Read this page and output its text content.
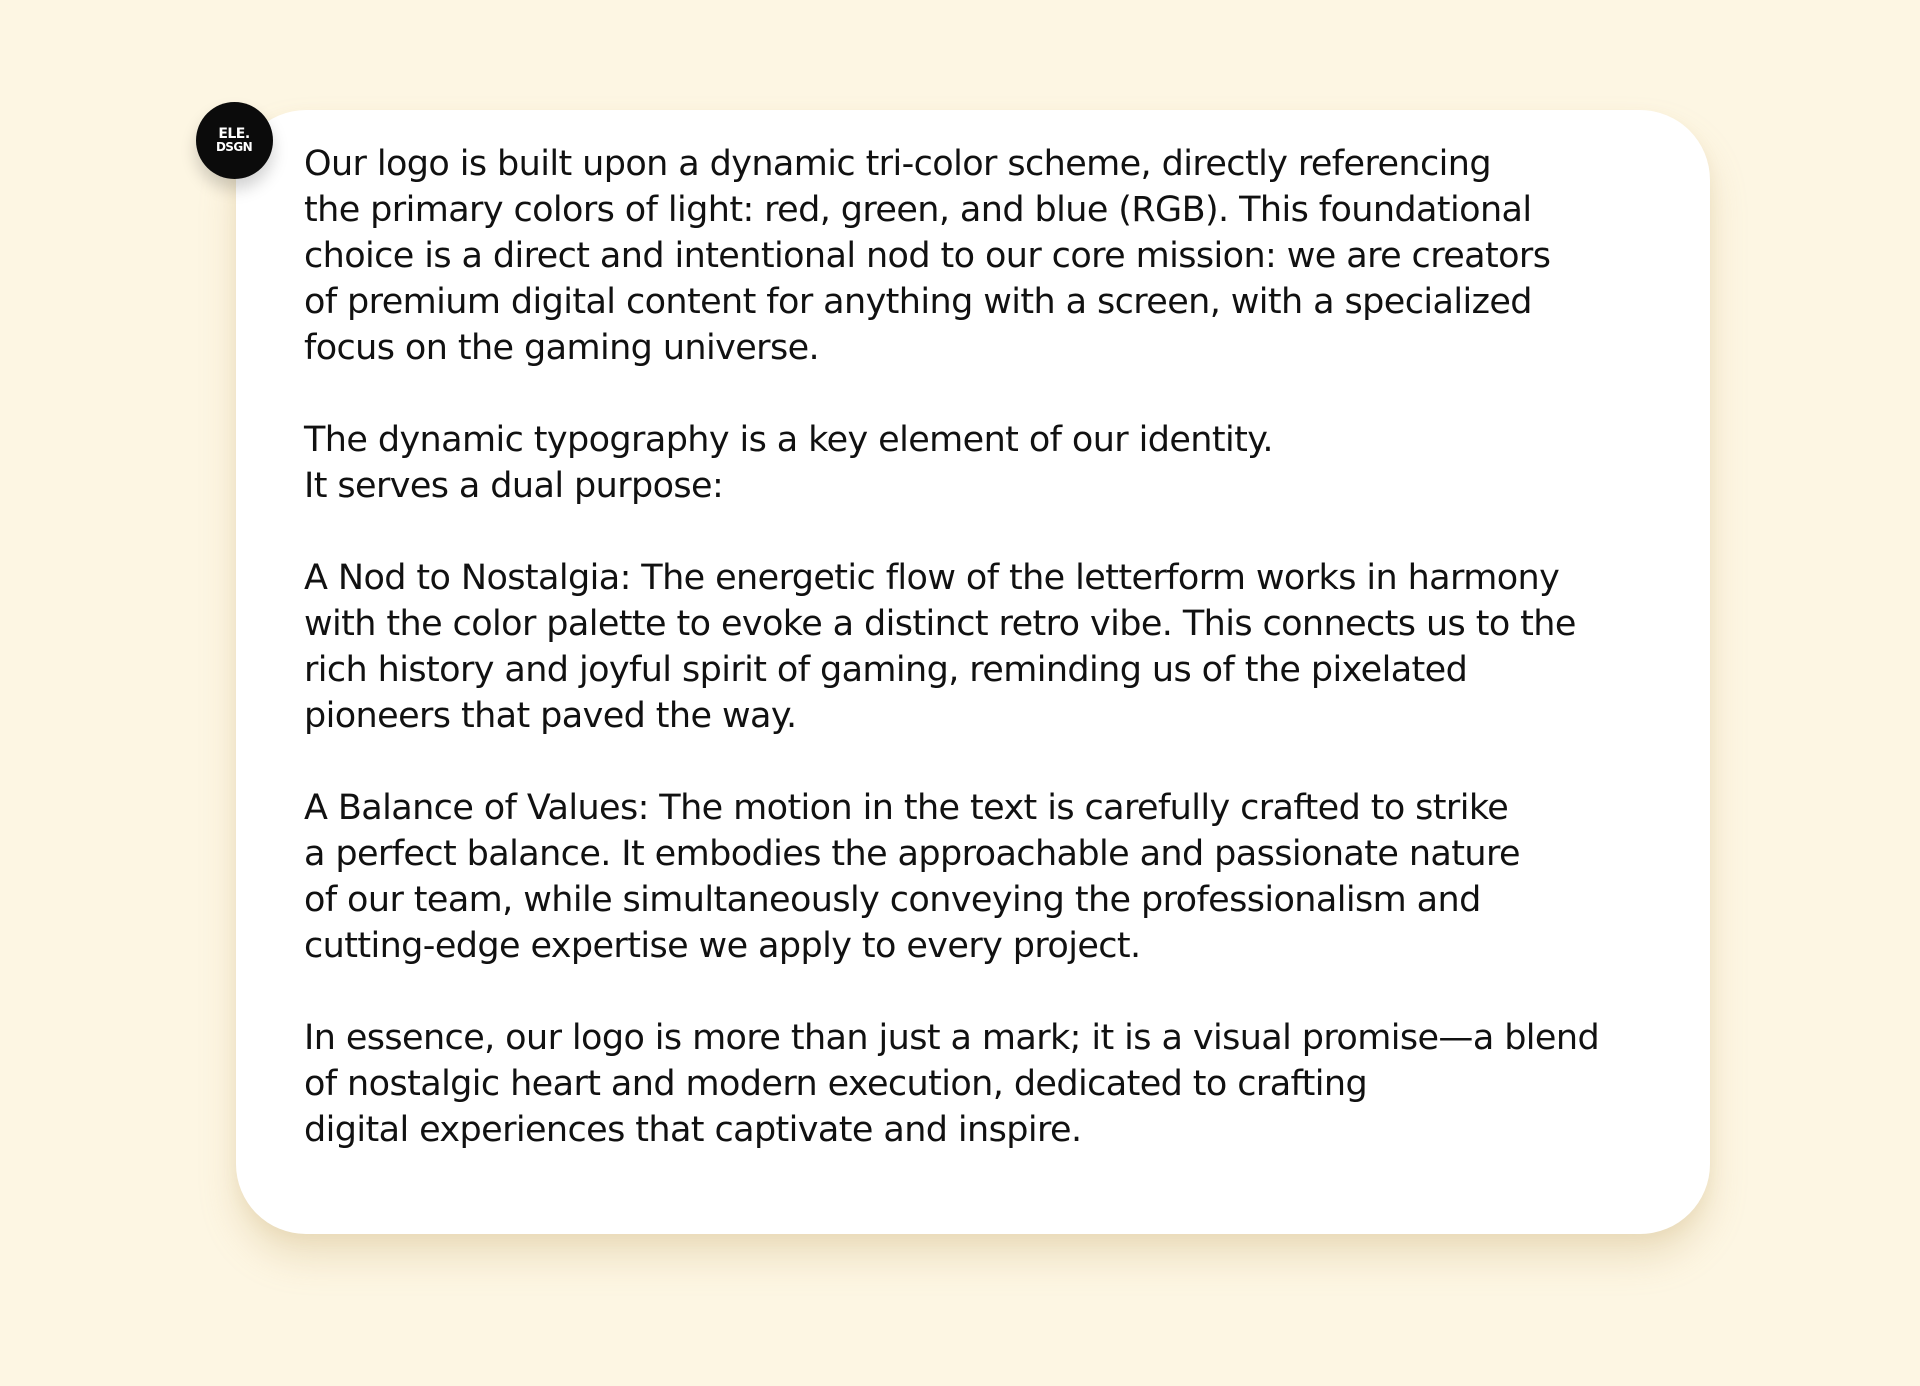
ELE.
DSGN Our logo is built upon a dynamic tri-color scheme, directly referencing
the primary colors of light: red, green, and blue (RGB). This foundational
choice is a direct and intentional nod to our core mission: we are creators
of premium digital content for anything with a screen, with a specialized
focus on the gaming universe.

The dynamic typography is a key element of our identity.
It serves a dual purpose:

A Nod to Nostalgia: The energetic flow of the letterform works in harmony
with the color palette to evoke a distinct retro vibe. This connects us to the
rich history and joyful spirit of gaming, reminding us of the pixelated
pioneers that paved the way.

A Balance of Values: The motion in the text is carefully crafted to strike
a perfect balance. It embodies the approachable and passionate nature
of our team, while simultaneously conveying the professionalism and
cutting-edge expertise we apply to every project.

In essence, our logo is more than just a mark; it is a visual promise—a blend
of nostalgic heart and modern execution, dedicated to crafting
digital experiences that captivate and inspire.
